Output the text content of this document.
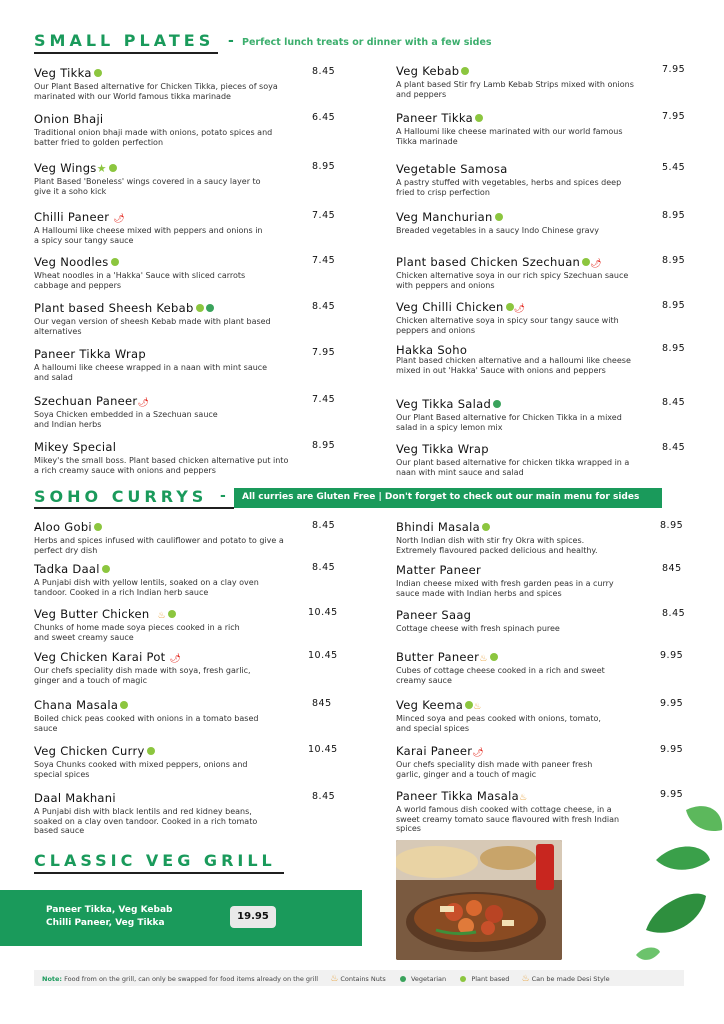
SMALL PLATES - Perfect lunch treats or dinner with a few sides
Veg Tikka	8.45
Our Plant Based alternative for Chicken Tikka, pieces of soya marinated with our World famous tikka marinade
Onion Bhaji	6.45
Traditional onion bhaji made with onions, potato spices and batter fried to golden perfection
Veg Wings★	8.95
Plant Based 'Boneless' wings covered in a saucy layer to give it a soho kick
Chilli Paneer 🌶	7.45
A Halloumi like cheese mixed with peppers and onions in a spicy sour tangy sauce
Veg Noodles	7.45
Wheat noodles in a 'Hakka' Sauce with sliced carrots cabbage and peppers
Plant based Sheesh Kebab	8.45
Our vegan version of sheesh Kebab made with plant based alternatives
Paneer Tikka Wrap	7.95
A halloumi like cheese wrapped in a naan with mint sauce and salad
Szechuan Paneer🌶	7.45
Soya Chicken embedded in a Szechuan sauce and Indian herbs
Mikey Special	8.95
Mikey's the small boss. Plant based chicken alternative put into a rich creamy sauce with onions and peppers
Veg Kebab	7.95
A plant based Stir fry Lamb Kebab Strips mixed with onions and peppers
Paneer Tikka	7.95
A Halloumi like cheese marinated with our world famous Tikka marinade
Vegetable Samosa	5.45
A pastry stuffed with vegetables, herbs and spices deep fried to crisp perfection
Veg Manchurian	8.95
Breaded vegetables in a saucy Indo Chinese gravy
Plant based Chicken Szechuan 🌶	8.95
Chicken alternative soya in our rich spicy Szechuan sauce with peppers and onions
Veg Chilli Chicken 🌶	8.95
Chicken alternative soya in spicy sour tangy sauce with peppers and onions
Hakka Soho	8.95
Plant based chicken alternative and a halloumi like cheese mixed in out 'Hakka' Sauce with onions and peppers
Veg Tikka Salad	8.45
Our Plant Based alternative for Chicken Tikka in a mixed salad in a spicy lemon mix
Veg Tikka Wrap	8.45
Our plant based alternative for chicken tikka wrapped in a naan with mint sauce and salad
SOHO CURRYS -	All curries are Gluten Free | Don't forget to check out our main menu for sides
Aloo Gobi	8.45
Herbs and spices infused with cauliflower and potato to give a perfect dry dish
Tadka Daal	8.45
A Punjabi dish with yellow lentils, soaked on a clay oven tandoor. Cooked in a rich Indian herb sauce
Veg Butter Chicken ♨	10.45
Chunks of home made soya pieces cooked in a rich and sweet creamy sauce
Veg Chicken Karai Pot 🌶	10.45
Our chefs speciality dish made with soya, fresh garlic, ginger and a touch of magic
Chana Masala	845
Boiled chick peas cooked with onions in a tomato based sauce
Veg Chicken Curry	10.45
Soya Chunks cooked with mixed peppers, onions and special spices
Daal Makhani	8.45
A Punjabi dish with black lentils and red kidney beans, soaked on a clay oven tandoor. Cooked in a rich tomato based sauce
Bhindi Masala	8.95
North Indian dish with stir fry Okra with spices. Extremely flavoured packed delicious and healthy.
Matter Paneer	845
Indian cheese mixed with fresh garden peas in a curry sauce made with Indian herbs and spices
Paneer Saag	8.45
Cottage cheese with fresh spinach puree
Butter Paneer♨	9.95
Cubes of cottage cheese cooked in a rich and sweet creamy sauce
Veg Keema ♨	9.95
Minced soya and peas cooked with onions, tomato, and special spices
Karai Paneer🌶	9.95
Our chefs speciality dish made with paneer fresh garlic, ginger and a touch of magic
Paneer Tikka Masala♨	9.95
A world famous dish cooked with cottage cheese, in a sweet creamy tomato sauce flavoured with fresh Indian spices
CLASSIC VEG GRILL
Paneer Tikka, Veg Kebab
Chilli Paneer, Veg Tikka
19.95
Note: Food from on the grill, can only be swapped for food items already on the grill ♨ Contains Nuts	Vegetarian	Plant based ♨ Can be made Desi Style
